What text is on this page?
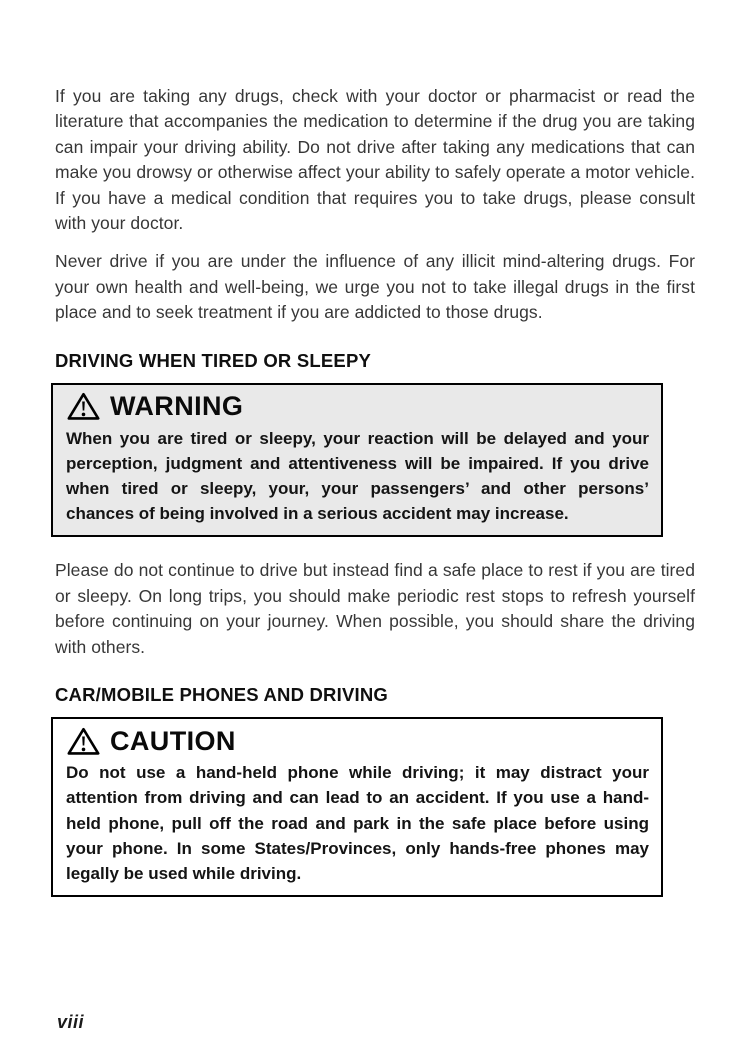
If you are taking any drugs, check with your doctor or pharmacist or read the literature that accompanies the medication to determine if the drug you are taking can impair your driving ability. Do not drive after taking any medications that can make you drowsy or otherwise affect your ability to safely operate a motor vehicle. If you have a medical condition that requires you to take drugs, please consult with your doctor.

Never drive if you are under the influence of any illicit mind-altering drugs. For your own health and well-being, we urge you not to take illegal drugs in the first place and to seek treatment if you are addicted to those drugs.

DRIVING WHEN TIRED OR SLEEPY
WARNING

When you are tired or sleepy, your reaction will be delayed and your perception, judgment and attentiveness will be impaired. If you drive when tired or sleepy, your, your passengers’ and other persons’ chances of being involved in a serious accident may increase.

Please do not continue to drive but instead find a safe place to rest if you are tired or sleepy. On long trips, you should make periodic rest stops to refresh yourself before continuing on your journey. When possible, you should share the driving with others.

CAR/MOBILE PHONES AND DRIVING
CAUTION

Do not use a hand-held phone while driving; it may distract your attention from driving and can lead to an accident. If you use a hand-held phone, pull off the road and park in the safe place before using your phone. In some States/Provinces, only hands-free phones may legally be used while driving.

viii
